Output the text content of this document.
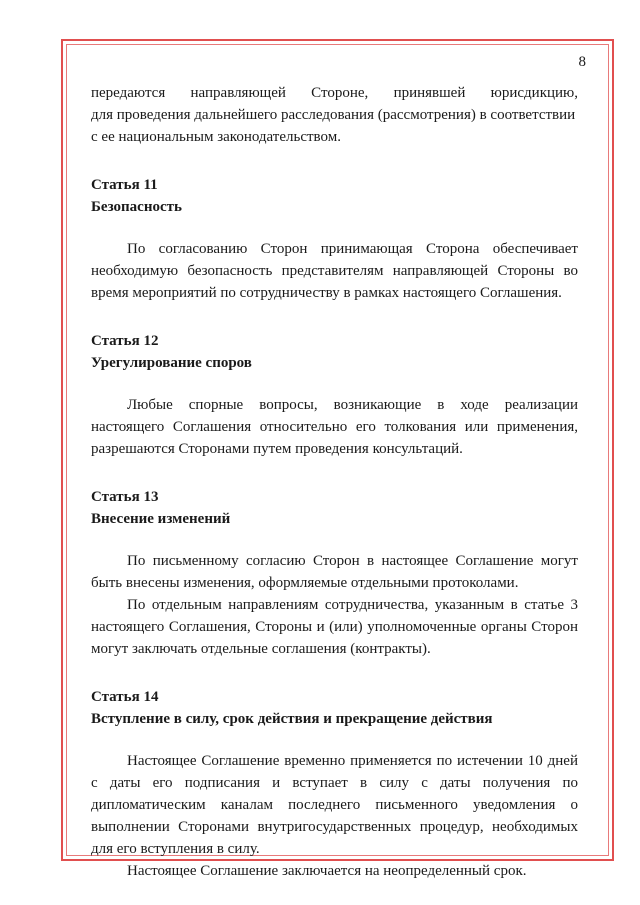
8

передаются направляющей Стороне, принявшей юрисдикцию,

для проведения дальнейшего расследования (рассмотрения) в соответствии
с ее национальным законодательством.

Статья 11

Безопасность

По согласованию Сторон принимающая Сторона обеспечивает необходимую безопасность представителям направляющей Стороны во время мероприятий по сотрудничеству в рамках настоящего Соглашения.

Статья 12

Урегулирование споров

Любые спорные вопросы, возникающие в ходе реализации настоящего Соглашения относительно его толкования или применения, разрешаются Сторонами путем проведения консультаций.

Статья 13

Внесение изменений

По письменному согласию Сторон в настоящее Соглашение могут быть внесены изменения, оформляемые отдельными протоколами.

По отдельным направлениям сотрудничества, указанным в статье 3 настоящего Соглашения, Стороны и (или) уполномоченные органы Сторон могут заключать отдельные соглашения (контракты).

Статья 14

Вступление в силу, срок действия и прекращение действия

Настоящее Соглашение временно применяется по истечении 10 дней с даты его подписания и вступает в силу с даты получения по дипломатическим каналам последнего письменного уведомления о выполнении Сторонами внутригосударственных процедур, необходимых для его вступления в силу.

Настоящее Соглашение заключается на неопределенный срок.
